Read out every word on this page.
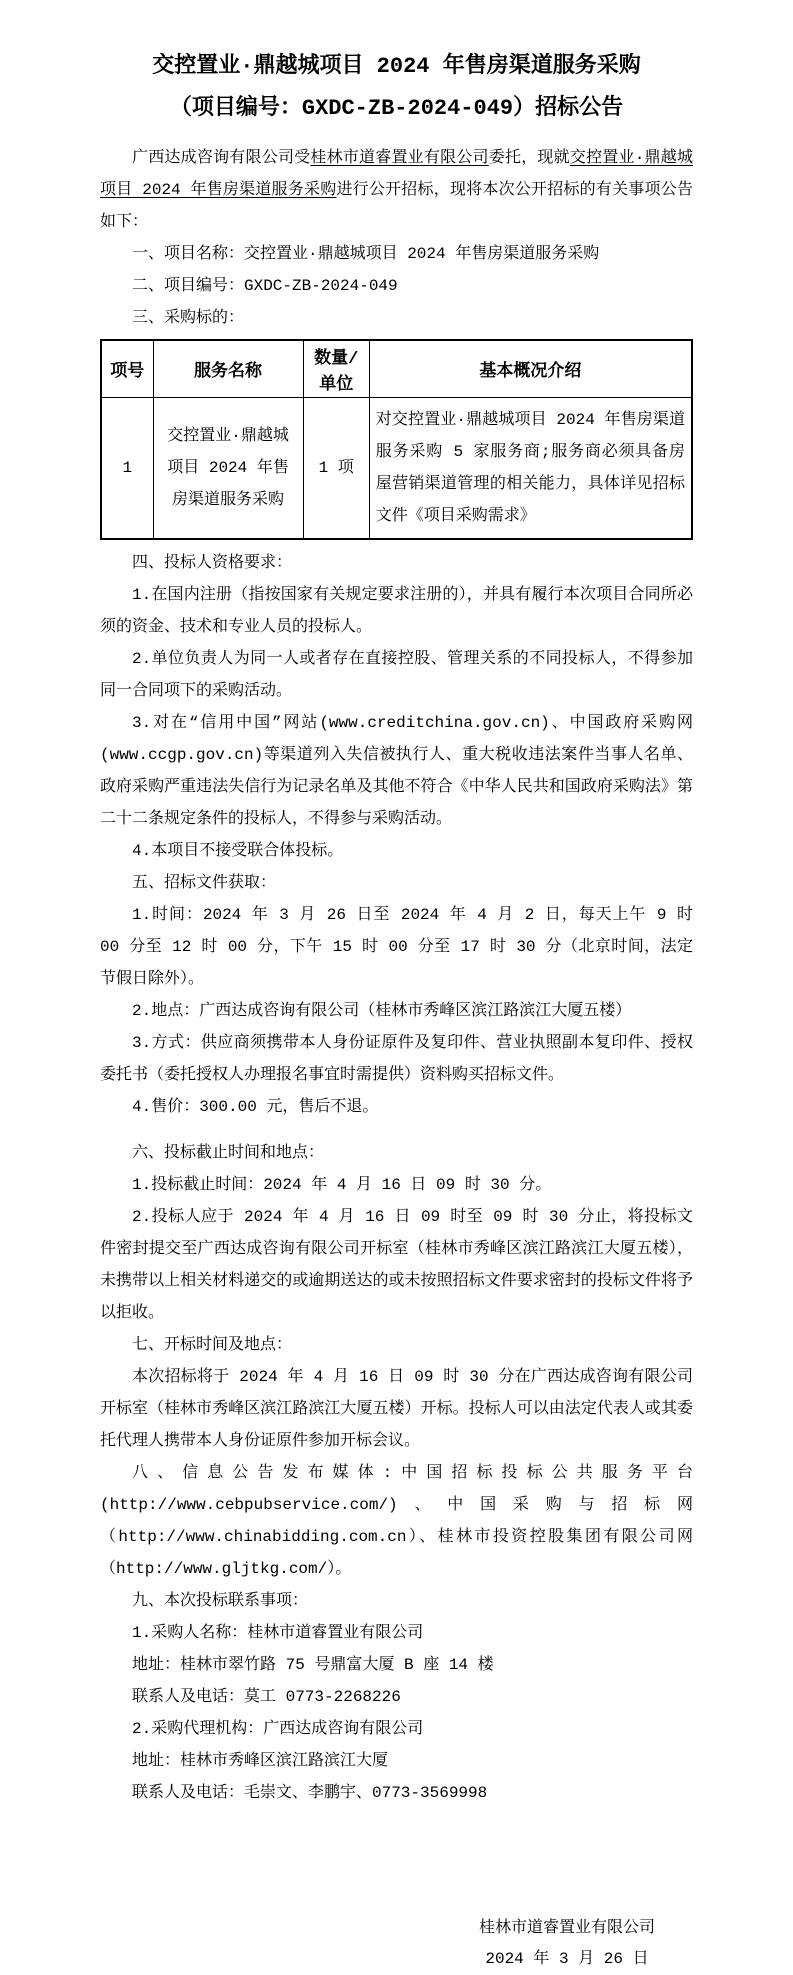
交控置业·鼎越城项目 2024 年售房渠道服务采购
（项目编号：GXDC-ZB-2024-049）招标公告

广西达成咨询有限公司受桂林市道睿置业有限公司委托，现就交控置业·鼎越城项目 2024 年售房渠道服务采购进行公开招标，现将本次公开招标的有关事项公告如下：

一、项目名称：交控置业·鼎越城项目 2024 年售房渠道服务采购

二、项目编号：GXDC-ZB-2024-049

三、采购标的：

项号	服务名称	数量/单位	基本概况介绍
1	交控置业·鼎越城项目 2024 年售房渠道服务采购	1 项	对交控置业·鼎越城项目 2024 年售房渠道服务采购 5 家服务商;服务商必须具备房屋营销渠道管理的相关能力，具体详见招标文件《项目采购需求》

四、投标人资格要求：

1.在国内注册（指按国家有关规定要求注册的），并具有履行本次项目合同所必须的资金、技术和专业人员的投标人。

2.单位负责人为同一人或者存在直接控股、管理关系的不同投标人，不得参加同一合同项下的采购活动。

3.对在“信用中国”网站(www.creditchina.gov.cn)、中国政府采购网(www.ccgp.gov.cn)等渠道列入失信被执行人、重大税收违法案件当事人名单、政府采购严重违法失信行为记录名单及其他不符合《中华人民共和国政府采购法》第二十二条规定条件的投标人，不得参与采购活动。

4.本项目不接受联合体投标。

五、招标文件获取：

1.时间：2024 年 3 月 26 日至 2024 年 4 月 2 日，每天上午 9 时 00 分至 12 时 00 分，下午 15 时 00 分至 17 时 30 分（北京时间，法定节假日除外）。

2.地点：广西达成咨询有限公司（桂林市秀峰区滨江路滨江大厦五楼）

3.方式：供应商须携带本人身份证原件及复印件、营业执照副本复印件、授权委托书（委托授权人办理报名事宜时需提供）资料购买招标文件。

4.售价：300.00 元，售后不退。

六、投标截止时间和地点：

1.投标截止时间：2024 年 4 月 16 日 09 时 30 分。

2.投标人应于 2024 年 4 月 16 日 09 时至 09 时 30 分止，将投标文件密封提交至广西达成咨询有限公司开标室（桂林市秀峰区滨江路滨江大厦五楼），未携带以上相关材料递交的或逾期送达的或未按照招标文件要求密封的投标文件将予以拒收。

七、开标时间及地点：

本次招标将于 2024 年 4 月 16 日 09 时 30 分在广西达成咨询有限公司开标室（桂林市秀峰区滨江路滨江大厦五楼）开标。投标人可以由法定代表人或其委托代理人携带本人身份证原件参加开标会议。

八、信息公告发布媒体:中国招标投标公共服务平台(http://www.cebpubservice.com/)、中国采购与招标网（http://www.chinabidding.com.cn）、桂林市投资控股集团有限公司网（http://www.gljtkg.com/）。

九、本次投标联系事项：

1.采购人名称：桂林市道睿置业有限公司

地址：桂林市翠竹路 75 号鼎富大厦 B 座 14 楼

联系人及电话：莫工 0773-2268226

2.采购代理机构：广西达成咨询有限公司

地址：桂林市秀峰区滨江路滨江大厦

联系人及电话：毛崇文、李鹏宇、0773-3569998

桂林市道睿置业有限公司
2024 年 3 月 26 日
